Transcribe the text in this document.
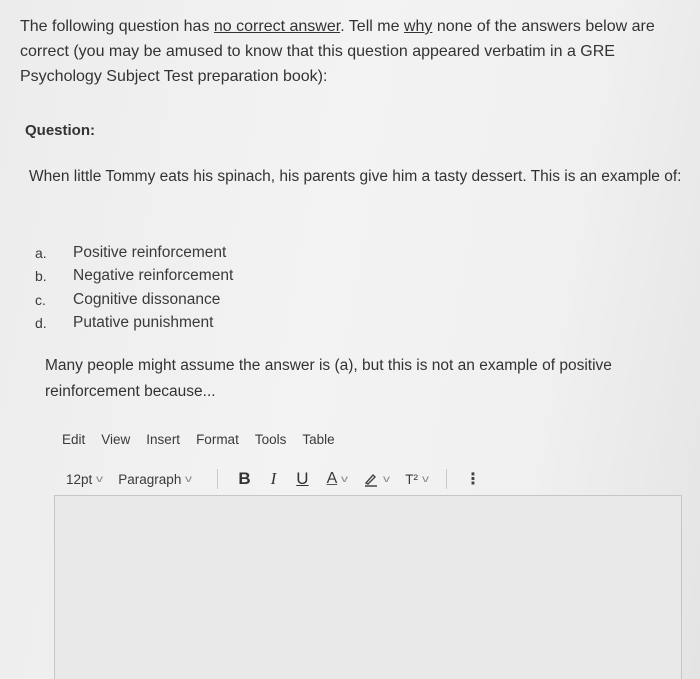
The following question has no correct answer. Tell me why none of the answers below are correct (you may be amused to know that this question appeared verbatim in a GRE Psychology Subject Test preparation book):
Question:
When little Tommy eats his spinach, his parents give him a tasty dessert. This is an example of:
a.	Positive reinforcement
b.	Negative reinforcement
c.	Cognitive dissonance
d.	Putative punishment
Many people might assume the answer is (a), but this is not an example of positive reinforcement because...
Edit View Insert Format Tools Table
12pt v Paragraph v	B I U A v	v T² v ⋮
